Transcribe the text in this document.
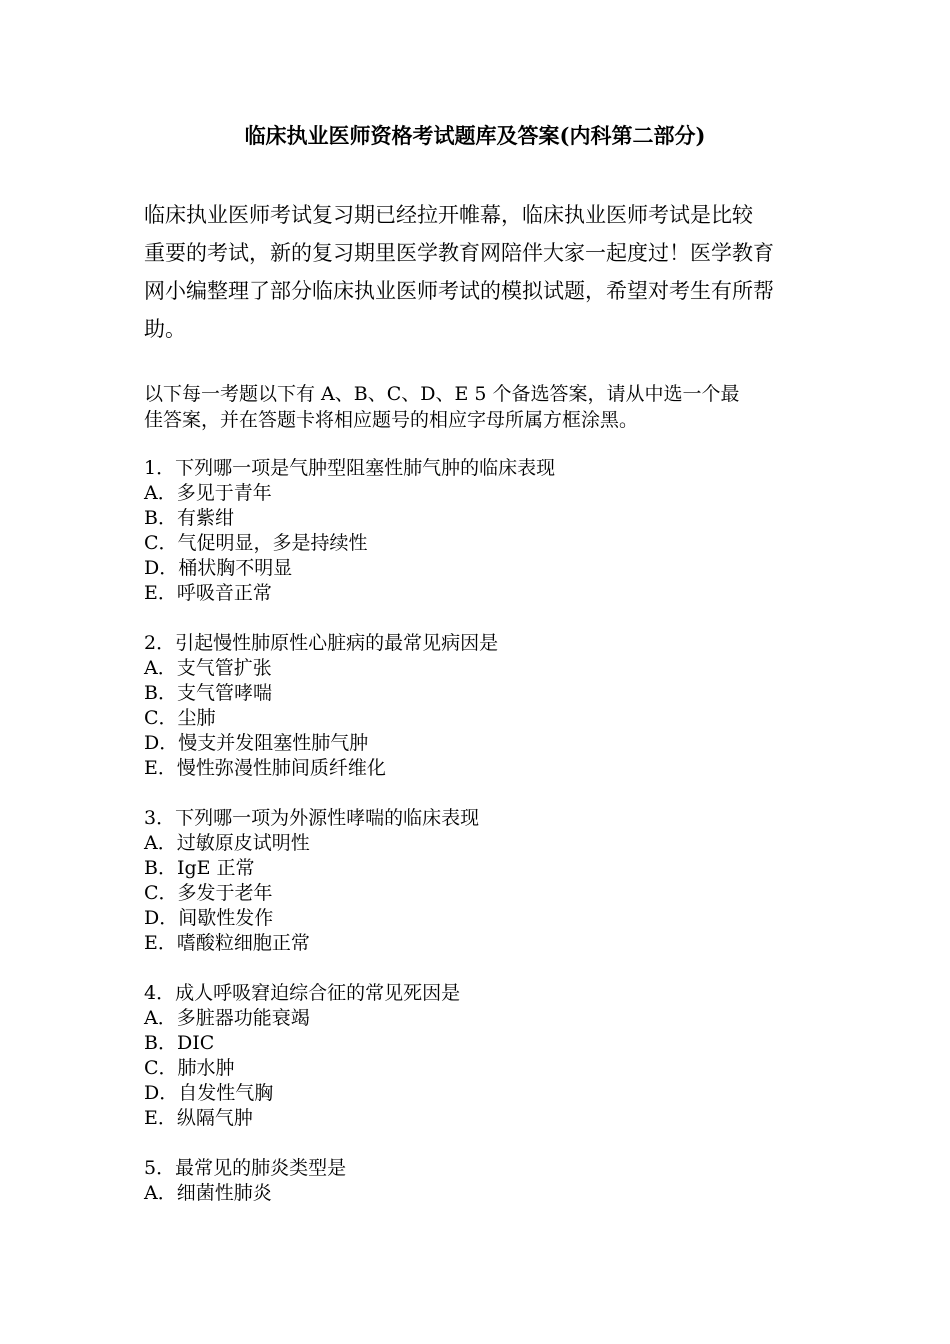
临床执业医师资格考试题库及答案(内科第二部分)
临床执业医师考试复习期已经拉开帷幕，临床执业医师考试是比较
重要的考试，新的复习期里医学教育网陪伴大家一起度过！医学教育
网小编整理了部分临床执业医师考试的模拟试题，希望对考生有所帮
助。
以下每一考题以下有 A、B、C、D、E 5 个备选答案，请从中选一个最
佳答案，并在答题卡将相应题号的相应字母所属方框涂黑。
1．下列哪一项是气肿型阻塞性肺气肿的临床表现
A．多见于青年
B．有紫绀
C．气促明显，多是持续性
D．桶状胸不明显
E．呼吸音正常
2．引起慢性肺原性心脏病的最常见病因是
A．支气管扩张
B．支气管哮喘
C．尘肺
D．慢支并发阻塞性肺气肿
E．慢性弥漫性肺间质纤维化
3．下列哪一项为外源性哮喘的临床表现
A．过敏原皮试明性
B．IgE 正常
C．多发于老年
D．间歇性发作
E．嗜酸粒细胞正常
4．成人呼吸窘迫综合征的常见死因是
A．多脏器功能衰竭
B．DIC
C．肺水肿
D．自发性气胸
E．纵隔气肿
5．最常见的肺炎类型是
A．细菌性肺炎
